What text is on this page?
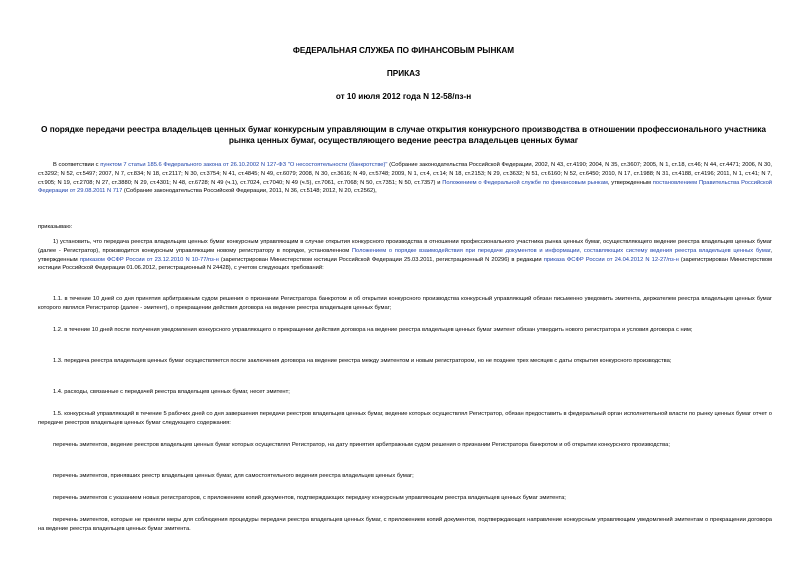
ФЕДЕРАЛЬНАЯ СЛУЖБА ПО ФИНАНСОВЫМ РЫНКАМ
ПРИКАЗ
от 10 июля 2012 года N 12-58/пз-н
О порядке передачи реестра владельцев ценных бумаг конкурсным управляющим в случае открытия конкурсного производства в отношении профессионального участника рынка ценных бумаг, осуществляющего ведение реестра владельцев ценных бумаг

В соответствии с пунктом 7 статьи 185.6 Федерального закона от 26.10.2002 N 127-ФЗ "О несостоятельности (банкротстве)" (Собрание законодательства Российской Федерации, 2002, N 43, ст.4190; 2004, N 35, ст.3607; 2005, N 1, ст.18, ст.46; N 44, ст.4471; 2006, N 30, ст.3292; N 52, ст.5497; 2007, N 7, ст.834; N 18, ст.2117; N 30, ст.3754; N 41, ст.4845; N 49, ст.6079; 2008, N 30, ст.3616; N 49, ст.5748; 2009, N 1, ст.4, ст.14; N 18, ст.2153; N 29, ст.3632; N 51, ст.6160; N 52, ст.6450; 2010, N 17, ст.1988; N 31, ст.4188, ст.4196; 2011, N 1, ст.41; N 7, ст.905; N 19, ст.2708; N 27, ст.3880; N 29, ст.4301; N 48, ст.6728; N 49 (ч.1), ст.7024, ст.7040; N 49 (ч.5), ст.7061, ст.7068; N 50, ст.7351; N 50, ст.7357) и Положением о Федеральной службе по финансовым рынкам, утвержденным постановлением Правительства Российской Федерации от 29.08.2011 N 717 (Собрание законодательства Российской Федерации, 2011, N 36, ст.5148; 2012, N 20, ст.2562),

приказываю:

1) установить, что передача реестра владельцев ценных бумаг конкурсным управляющим в случае открытия конкурсного производства в отношении профессионального участника рынка ценных бумаг, осуществляющего ведение реестра владельцев ценных бумаг (далее - Регистратор), производится конкурсным управляющим новому регистратору в порядке, установленном Положением о порядке взаимодействия при передаче документов и информации, составляющих систему ведения реестра владельцев ценных бумаг, утвержденным приказом ФСФР России от 23.12.2010 N 10-77/пз-н (зарегистрирован Министерством юстиции Российской Федерации 25.03.2011, регистрационный N 20296) в редакции приказа ФСФР России от 24.04.2012 N 12-27/пз-н (зарегистрирован Министерством юстиции Российской Федерации 01.06.2012, регистрационный N 24428), с учетом следующих требований:

1.1. в течение 10 дней со дня принятия арбитражным судом решения о признании Регистратора банкротом и об открытии конкурсного производства конкурсный управляющий обязан письменно уведомить эмитента, держателем реестра владельцев ценных бумаг которого являлся Регистратор (далее - эмитент), о прекращении действия договора на ведение реестра владельцев ценных бумаг;

1.2. в течение 10 дней после получения уведомления конкурсного управляющего о прекращении действия договора на ведение реестра владельцев ценных бумаг эмитент обязан утвердить нового регистратора и условия договора с ним;

1.3. передача реестра владельцев ценных бумаг осуществляется после заключения договора на ведение реестра между эмитентом и новым регистратором, но не позднее трех месяцев с даты открытия конкурсного производства;

1.4. расходы, связанные с передачей реестра владельцев ценных бумаг, несет эмитент;

1.5. конкурсный управляющий в течение 5 рабочих дней со дня завершения передачи реестров владельцев ценных бумаг, ведение которых осуществлял Регистратор, обязан предоставить в федеральный орган исполнительной власти по рынку ценных бумаг отчет о передаче реестров владельцев ценных бумаг следующего содержания:

перечень эмитентов, ведение реестров владельцев ценных бумаг которых осуществлял Регистратор, на дату принятия арбитражным судом решения о признании Регистратора банкротом и об открытии конкурсного производства;

перечень эмитентов, принявших реестр владельцев ценных бумаг, для самостоятельного ведения реестра владельцев ценных бумаг;

перечень эмитентов с указанием новых регистраторов, с приложением копий документов, подтверждающих передачу конкурсным управляющим реестра владельцев ценных бумаг эмитента;

перечень эмитентов, которые не приняли меры для соблюдения процедуры передачи реестра владельцев ценных бумаг, с приложением копий документов, подтверждающих направление конкурсным управляющим уведомлений эмитентам о прекращении договора на ведение реестра владельцев ценных бумаг эмитента.
